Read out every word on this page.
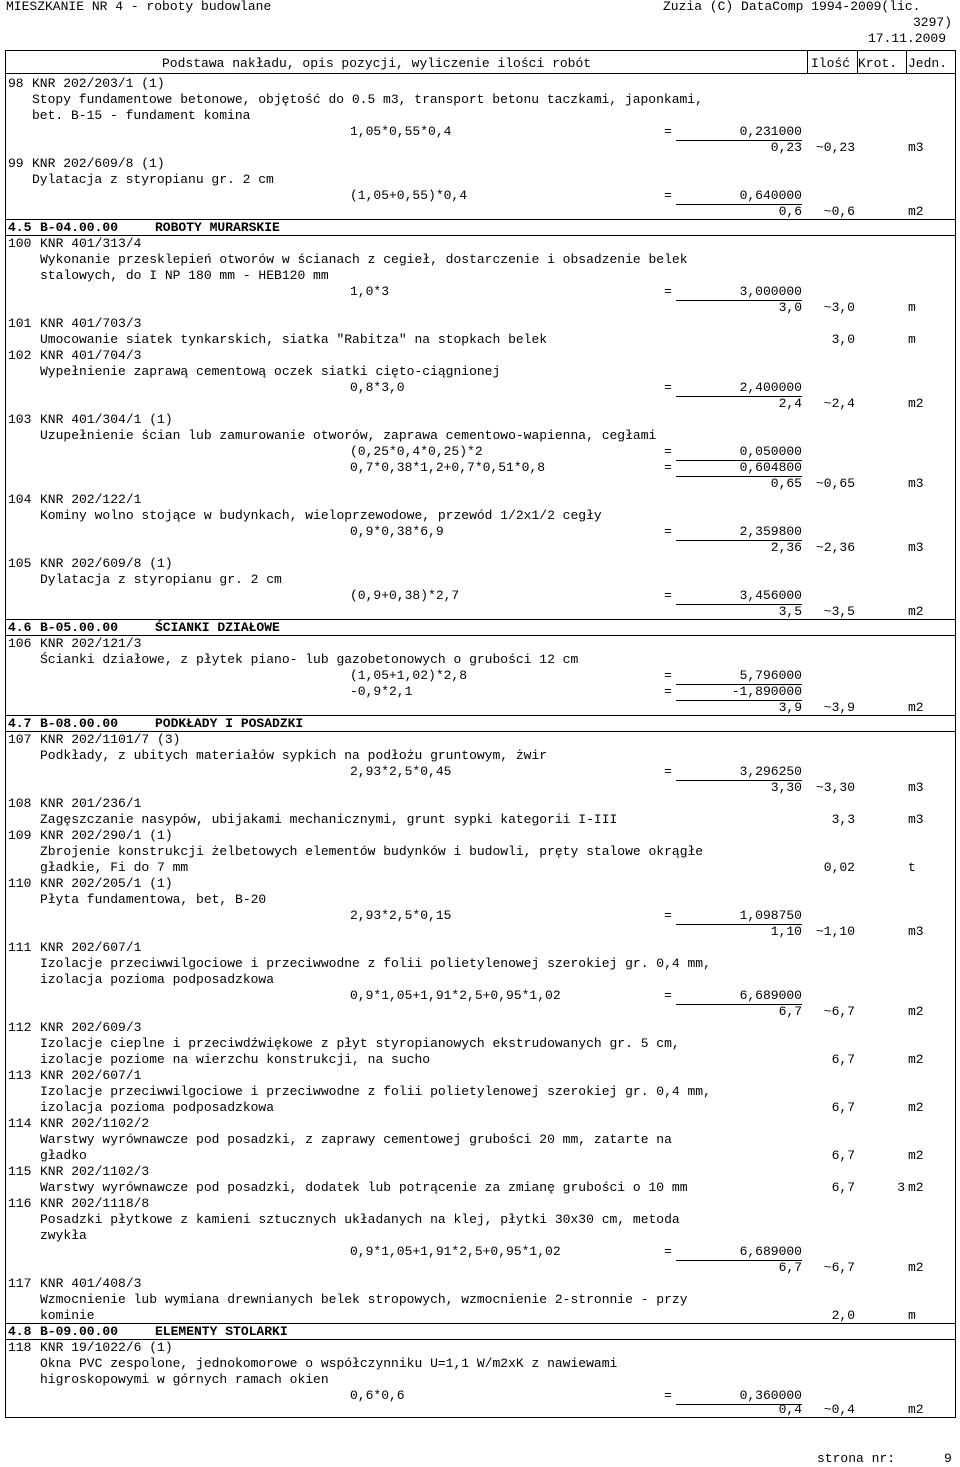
MIESZKANIE NR 4 - roboty budowlane	Zuzia (C) DataComp 1994-2009(lic.
3297)
17.11.2009
Podstawa nakładu, opis pozycji, wyliczenie ilości robót	Ilość Krot. Jedn.
98 KNR 202/203/1 (1)
Stopy fundamentowe betonowe, objętość do 0.5 m3, transport betonu taczkami, japonkami,
bet. B-15 - fundament komina
1,05*0,55*0,4	=	0,231000
0,23	~0,23	m3
99 KNR 202/609/8 (1)
Dylatacja z styropianu gr. 2 cm
(1,05+0,55)*0,4	=	0,640000
0,6	~0,6	m2
4.5 B-04.00.00	ROBOTY MURARSKIE
100 KNR 401/313/4
Wykonanie przesklepień otworów w ścianach z cegieł, dostarczenie i obsadzenie belek
stalowych, do I NP 180 mm - HEB120 mm
1,0*3	=	3,000000
3,0	~3,0	m
101 KNR 401/703/3
Umocowanie siatek tynkarskich, siatka "Rabitza" na stopkach belek	3,0	m
102 KNR 401/704/3
Wypełnienie zaprawą cementową oczek siatki cięto-ciągnionej
0,8*3,0	=	2,400000
2,4	~2,4	m2
103 KNR 401/304/1 (1)
Uzupełnienie ścian lub zamurowanie otworów, zaprawa cementowo-wapienna, cegłami
(0,25*0,4*0,25)*2	=	0,050000
0,7*0,38*1,2+0,7*0,51*0,8	=	0,604800
0,65	~0,65	m3
104 KNR 202/122/1
Kominy wolno stojące w budynkach, wieloprzewodowe, przewód 1/2x1/2 cegły
0,9*0,38*6,9	=	2,359800
2,36	~2,36	m3
105 KNR 202/609/8 (1)
Dylatacja z styropianu gr. 2 cm
(0,9+0,38)*2,7	=	3,456000
3,5	~3,5	m2
4.6 B-05.00.00	ŚCIANKI DZIAŁOWE
106 KNR 202/121/3
Ścianki działowe, z płytek piano- lub gazobetonowych o grubości 12 cm
(1,05+1,02)*2,8	=	5,796000
-0,9*2,1	=	-1,890000
3,9	~3,9	m2
4.7 B-08.00.00	PODKŁADY I POSADZKI
107 KNR 202/1101/7 (3)
Podkłady, z ubitych materiałów sypkich na podłożu gruntowym, żwir
2,93*2,5*0,45	=	3,296250
3,30	~3,30	m3
108 KNR 201/236/1
Zagęszczanie nasypów, ubijakami mechanicznymi, grunt sypki kategorii I-III	3,3	m3
109 KNR 202/290/1 (1)
Zbrojenie konstrukcji żelbetowych elementów budynków i budowli, pręty stalowe okrągłe
gładkie, Fi do 7 mm	0,02	t
110 KNR 202/205/1 (1)
Płyta fundamentowa, bet, B-20
2,93*2,5*0,15	=	1,098750
1,10	~1,10	m3
111 KNR 202/607/1
Izolacje przeciwwilgociowe i przeciwwodne z folii polietylenowej szerokiej gr. 0,4 mm,
izolacja pozioma podposadzkowa
0,9*1,05+1,91*2,5+0,95*1,02	=	6,689000
6,7	~6,7	m2
112 KNR 202/609/3
Izolacje cieplne i przeciwdźwiękowe z płyt styropianowych ekstrudowanych gr. 5 cm,
izolacje poziome na wierzchu konstrukcji, na sucho	6,7	m2
113 KNR 202/607/1
Izolacje przeciwwilgociowe i przeciwwodne z folii polietylenowej szerokiej gr. 0,4 mm,
izolacja pozioma podposadzkowa	6,7	m2
114 KNR 202/1102/2
Warstwy wyrównawcze pod posadzki, z zaprawy cementowej grubości 20 mm, zatarte na
gładko	6,7	m2
115 KNR 202/1102/3
Warstwy wyrównawcze pod posadzki, dodatek lub potrącenie za zmianę grubości o 10 mm	6,7	3 m2
116 KNR 202/1118/8
Posadzki płytkowe z kamieni sztucznych układanych na klej, płytki 30x30 cm, metoda
zwykła
0,9*1,05+1,91*2,5+0,95*1,02	=	6,689000
6,7	~6,7	m2
117 KNR 401/408/3
Wzmocnienie lub wymiana drewnianych belek stropowych, wzmocnienie 2-stronnie - przy
kominie	2,0	m
4.8 B-09.00.00	ELEMENTY STOLARKI
118 KNR 19/1022/6 (1)
Okna PVC zespolone, jednokomorowe o współczynniku U=1,1 W/m2xK z nawiewami
higroskopowymi w górnych ramach okien
0,6*0,6	=	0,360000
0,4	~0,4	m2
strona nr:	9
